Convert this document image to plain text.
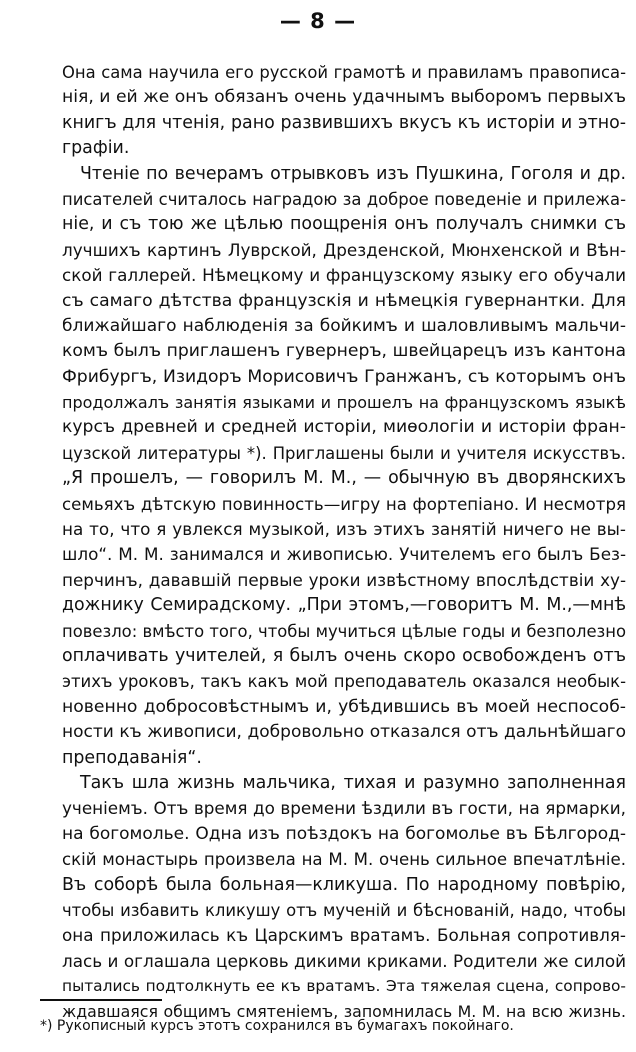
— 8 —
Она сама научила его русской грамотѣ и правиламъ правописа-
нія, и ей же онъ обязанъ очень удачнымъ выборомъ первыхъ
книгъ для чтенія, рано развившихъ вкусъ къ исторіи и этно-
графіи.
Чтеніе по вечерамъ отрывковъ изъ Пушкина, Гоголя и др.
писателей считалось наградою за доброе поведеніе и прилежа-
ніе, и съ тою же цѣлью поощренія онъ получалъ снимки съ
лучшихъ картинъ Луврской, Дрезденской, Мюнхенской и Вѣн-
ской галлерей. Нѣмецкому и французскому языку его обучали
съ самаго дѣтства французскія и нѣмецкія гувернантки. Для
ближайшаго наблюденія за бойкимъ и шаловливымъ мальчи-
комъ былъ приглашенъ гувернеръ, швейцарецъ изъ кантона
Фрибургъ, Изидоръ Морисовичъ Гранжанъ, съ которымъ онъ
продолжалъ занятія языками и прошелъ на французскомъ языкѣ
курсъ древней и средней исторіи, миѳологіи и исторіи фран-
цузской литературы *). Приглашены были и учителя искусствъ.
„Я прошелъ, — говорилъ М. М., — обычную въ дворянскихъ
семьяхъ дѣтскую повинность—игру на фортепіано. И несмотря
на то, что я увлекся музыкой, изъ этихъ занятій ничего не вы-
шло“. М. М. занимался и живописью. Учителемъ его былъ Без-
перчинъ, дававшій первые уроки извѣстному впослѣдствіи ху-
дожнику Семирадскому. „При этомъ,—говоритъ М. М.,—мнѣ
повезло: вмѣсто того, чтобы мучиться цѣлые годы и безполезно
оплачивать учителей, я былъ очень скоро освобожденъ отъ
этихъ уроковъ, такъ какъ мой преподаватель оказался необык-
новенно добросовѣстнымъ и, убѣдившись въ моей неспособ-
ности къ живописи, добровольно отказался отъ дальнѣйшаго
преподаванія“.
Такъ шла жизнь мальчика, тихая и разумно заполненная
ученіемъ. Отъ время до времени ѣздили въ гости, на ярмарки,
на богомолье. Одна изъ поѣздокъ на богомолье въ Бѣлгород-
скій монастырь произвела на М. М. очень сильное впечатлѣніе.
Въ соборѣ была больная—кликуша. По народному повѣрію,
чтобы избавить кликушу отъ мученій и бѣснованій, надо, чтобы
она приложилась къ Царскимъ вратамъ. Больная сопротивля-
лась и оглашала церковь дикими криками. Родители же силой
пытались подтолкнуть ее къ вратамъ. Эта тяжелая сцена, сопрово-
ждавшаяся общимъ смятеніемъ, запомнилась М. М. на всю жизнь.
*) Рукописный курсъ этотъ сохранился въ бумагахъ покойнаго.
